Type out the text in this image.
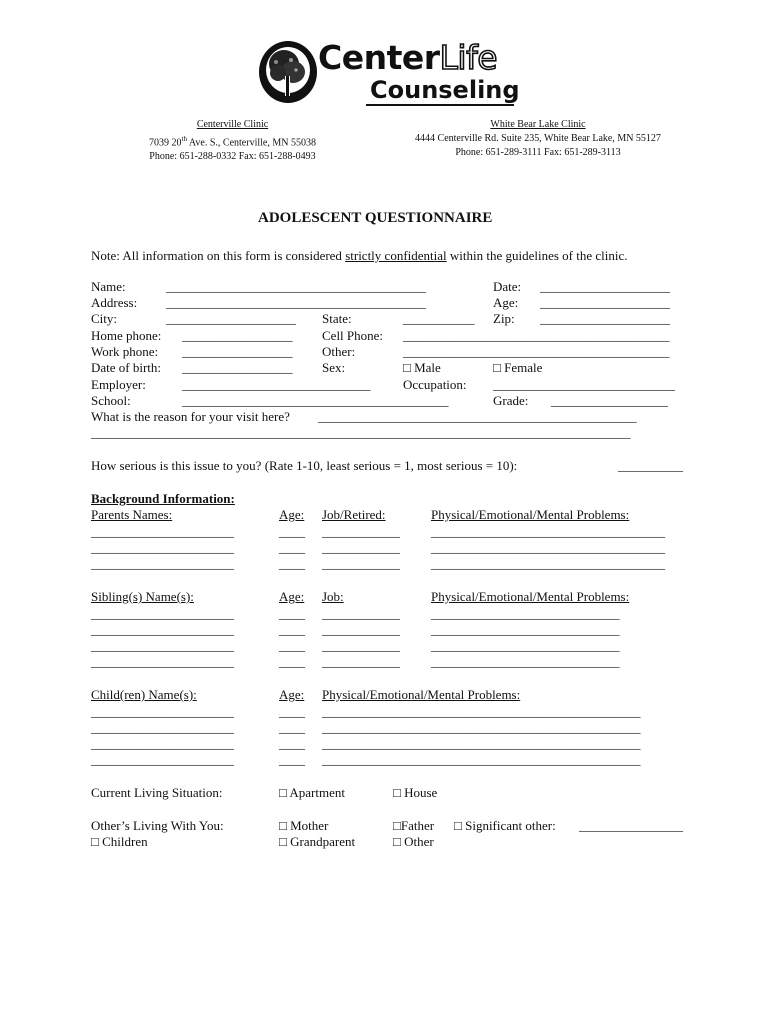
CenterLife
Counseling
Centerville Clinic
7039 20th Ave. S., Centerville, MN 55038
Phone: 651-288-0332 Fax: 651-288-0493
White Bear Lake Clinic
4444 Centerville Rd. Suite 235, White Bear Lake, MN 55127
Phone: 651-289-3111 Fax: 651-289-3113
ADOLESCENT QUESTIONNAIRE
Note: All information on this form is considered strictly confidential within the guidelines of the clinic.
Name:	________________________________________	Date: ____________________
Address: ________________________________________	Age: ____________________
City:	____________________ State:	___________ Zip: ____________________
Home phone: _________________ Cell Phone: _________________________________________
Work phone: _________________ Other:	_________________________________________
Date of birth: _________________ Sex:	□ Male	□ Female
Employer:	_____________________________	Occupation: ____________________________
School:	_________________________________________	Grade: __________________
What is the reason for your visit here? _________________________________________________
___________________________________________________________________________________
How serious is this issue to you? (Rate 1-10, least serious = 1, most serious = 10):	__________
Background Information:
Parents Names:	Age: Job/Retired:	Physical/Emotional/Mental Problems:
______________________	____ ____________ ____________________________________
______________________	____ ____________ ____________________________________
______________________	____ ____________ ____________________________________
Sibling(s) Name(s):	Age: Job:	Physical/Emotional/Mental Problems:
______________________	____ ____________ _____________________________
______________________	____ ____________ _____________________________
______________________	____ ____________ _____________________________
______________________	____ ____________ _____________________________
Child(ren) Name(s):	Age: Physical/Emotional/Mental Problems:
______________________	____ _________________________________________________
______________________	____ _________________________________________________
______________________	____ _________________________________________________
______________________	____ _________________________________________________
Current Living Situation:	□ Apartment	□ House
Other’s Living With You:	□ Mother	□Father □ Significant other: ________________
□ Children	□ Grandparent	□ Other
